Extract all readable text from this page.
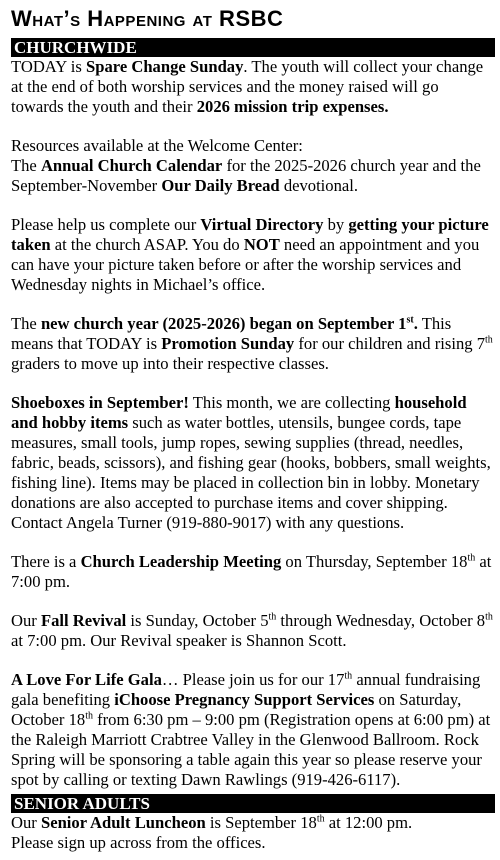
What’s Happening at RSBC
CHURCHWIDE

TODAY is Spare Change Sunday. The youth will collect your change at the end of both worship services and the money raised will go towards the youth and their 2026 mission trip expenses.

Resources available at the Welcome Center:
The Annual Church Calendar for the 2025-2026 church year and the September-November Our Daily Bread devotional.

Please help us complete our Virtual Directory by getting your picture taken at the church ASAP. You do NOT need an appointment and you can have your picture taken before or after the worship services and Wednesday nights in Michael’s office.

The new church year (2025-2026) began on September 1st. This means that TODAY is Promotion Sunday for our children and rising 7th graders to move up into their respective classes.

Shoeboxes in September! This month, we are collecting household and hobby items such as water bottles, utensils, bungee cords, tape measures, small tools, jump ropes, sewing supplies (thread, needles, fabric, beads, scissors), and fishing gear (hooks, bobbers, small weights, fishing line). Items may be placed in collection bin in lobby. Monetary donations are also accepted to purchase items and cover shipping. Contact Angela Turner (919-880-9017) with any questions.

There is a Church Leadership Meeting on Thursday, September 18th at 7:00 pm.

Our Fall Revival is Sunday, October 5th through Wednesday, October 8th at 7:00 pm. Our Revival speaker is Shannon Scott.

A Love For Life Gala… Please join us for our 17th annual fundraising gala benefiting iChoose Pregnancy Support Services on Saturday, October 18th from 6:30 pm – 9:00 pm (Registration opens at 6:00 pm) at the Raleigh Marriott Crabtree Valley in the Glenwood Ballroom. Rock Spring will be sponsoring a table again this year so please reserve your spot by calling or texting Dawn Rawlings (919-426-6117).

SENIOR ADULTS

Our Senior Adult Luncheon is September 18th at 12:00 pm.
Please sign up across from the offices.
